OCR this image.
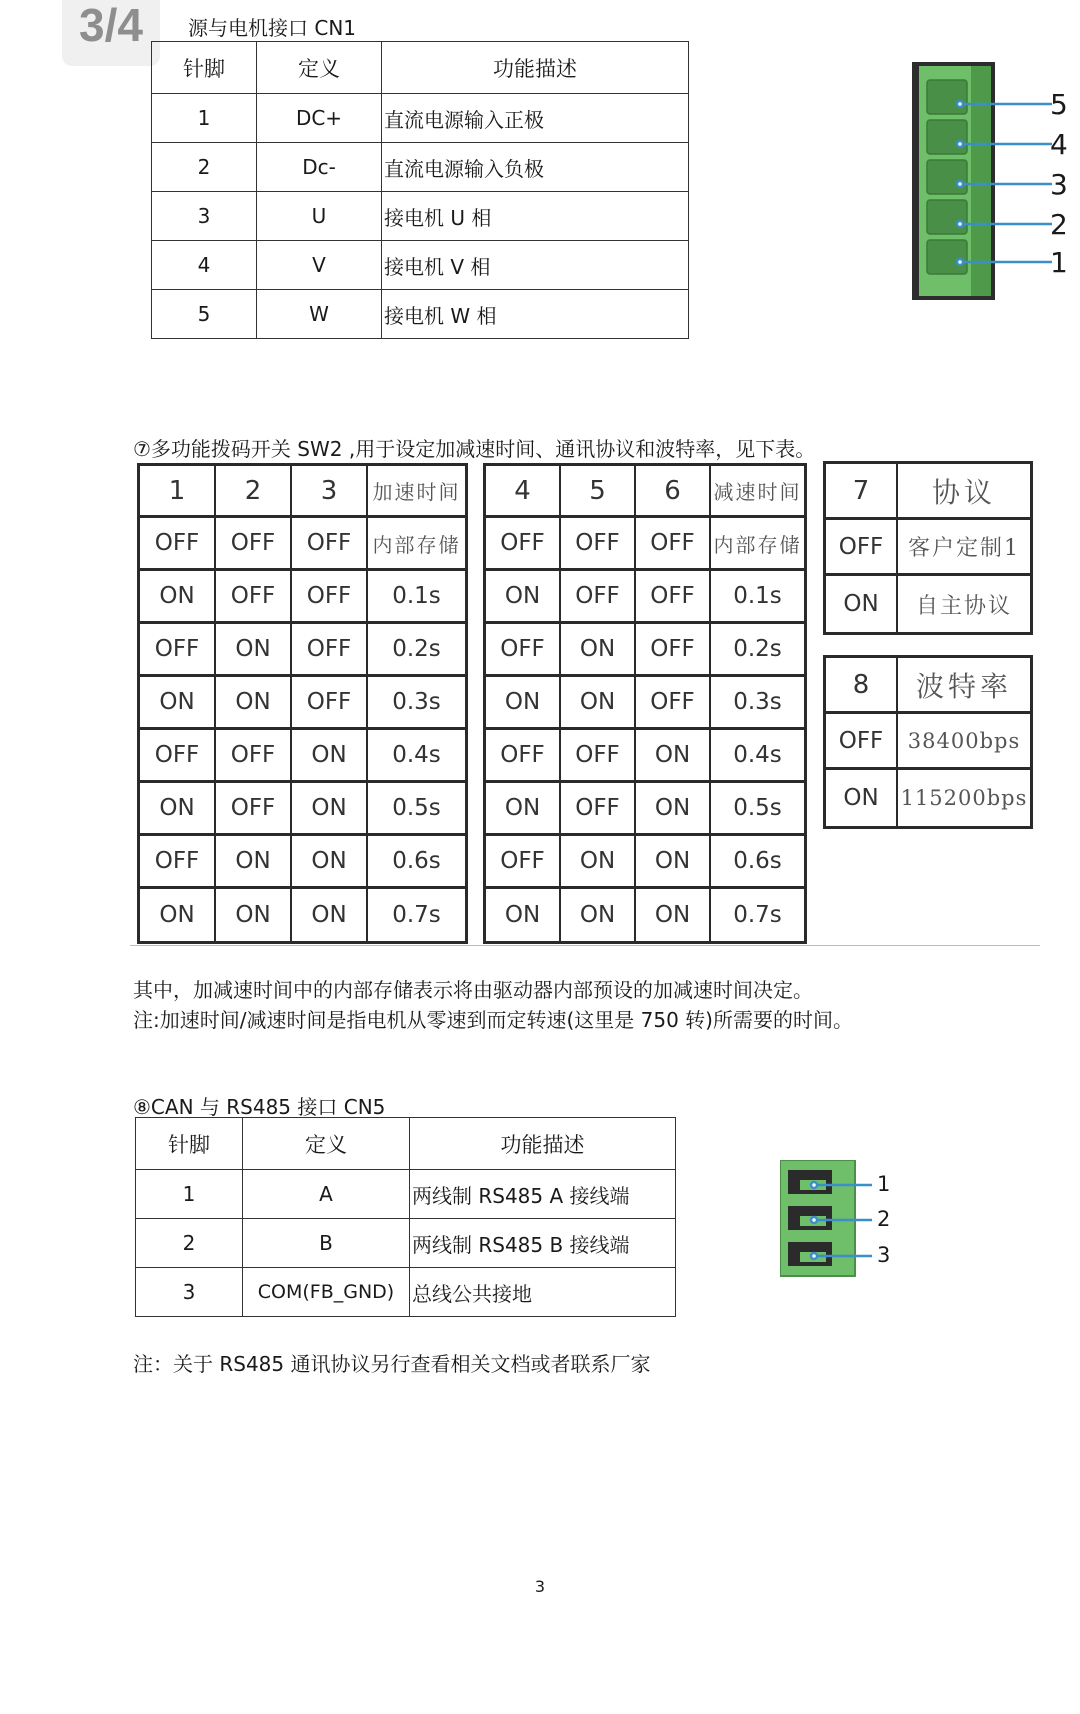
3/4	源与电机接口 CN1
针脚	定义	功能描述
1	DC+	直流电源输入正极
2	Dc-	直流电源输入负极
3	U	接电机 U 相
4	V	接电机 V 相
5	W	接电机 W 相
5
4
3
2
1
⑦多功能拨码开关 SW2 ,用于设定加减速时间、通讯协议和波特率，见下表。
1	2	3	加速时间
OFF	OFF	OFF	内部存储
ON	OFF	OFF	0.1s
OFF	ON	OFF	0.2s
ON	ON	OFF	0.3s
OFF	OFF	ON	0.4s
ON	OFF	ON	0.5s
OFF	ON	ON	0.6s
ON	ON	ON	0.7s
4	5	6	减速时间
OFF	OFF	OFF	内部存储
ON	OFF	OFF	0.1s
OFF	ON	OFF	0.2s
ON	ON	OFF	0.3s
OFF	OFF	ON	0.4s
ON	OFF	ON	0.5s
OFF	ON	ON	0.6s
ON	ON	ON	0.7s
7	协议
OFF	客户定制1
ON	自主协议
8	波特率
OFF	38400bps
ON	115200bps
其中，加减速时间中的内部存储表示将由驱动器内部预设的加减速时间决定。
注:加速时间/减速时间是指电机从零速到而定转速(这里是 750 转)所需要的时间。
⑧CAN 与 RS485 接口 CN5
针脚	定义	功能描述
1	A	两线制 RS485 A 接线端
2	B	两线制 RS485 B 接线端
3	COM(FB_GND)	总线公共接地
1
2
3
注：关于 RS485 通讯协议另行查看相关文档或者联系厂家
3
